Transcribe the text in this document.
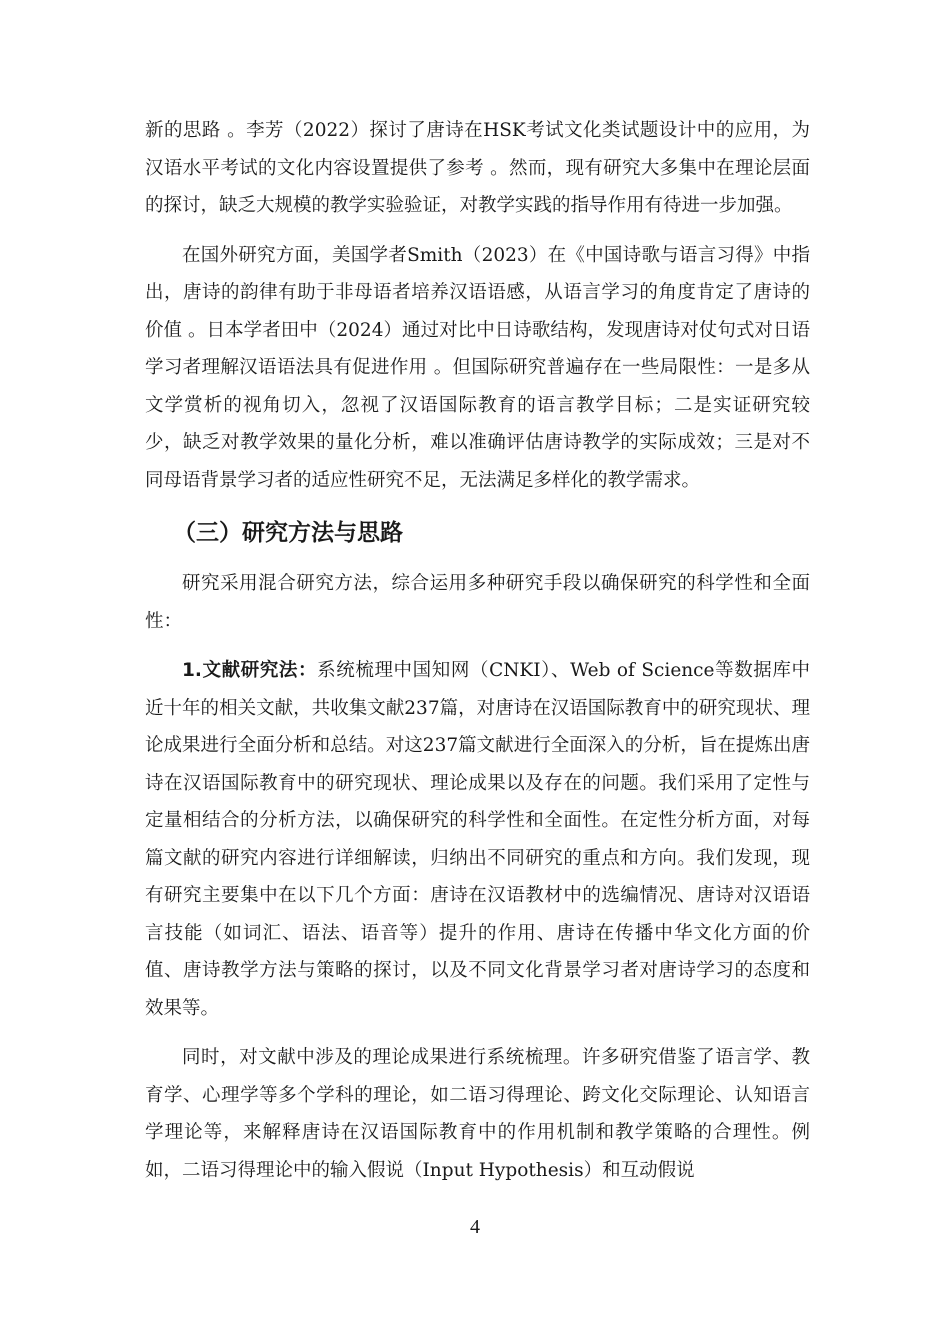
新的思路 。李芳（2022）探讨了唐诗在HSK考试文化类试题设计中的应用，为汉语水平考试的文化内容设置提供了参考 。然而，现有研究大多集中在理论层面的探讨，缺乏大规模的教学实验验证，对教学实践的指导作用有待进一步加强。

在国外研究方面，美国学者Smith（2023）在《中国诗歌与语言习得》中指出，唐诗的韵律有助于非母语者培养汉语语感，从语言学习的角度肯定了唐诗的价值 。日本学者田中（2024）通过对比中日诗歌结构，发现唐诗对仗句式对日语学习者理解汉语语法具有促进作用 。但国际研究普遍存在一些局限性：一是多从文学赏析的视角切入，忽视了汉语国际教育的语言教学目标；二是实证研究较少，缺乏对教学效果的量化分析，难以准确评估唐诗教学的实际成效；三是对不同母语背景学习者的适应性研究不足，无法满足多样化的教学需求。

（三）研究方法与思路

研究采用混合研究方法，综合运用多种研究手段以确保研究的科学性和全面性：

1.文献研究法：系统梳理中国知网（CNKI）、Web of Science等数据库中近十年的相关文献，共收集文献237篇，对唐诗在汉语国际教育中的研究现状、理论成果进行全面分析和总结。对这237篇文献进行全面深入的分析，旨在提炼出唐诗在汉语国际教育中的研究现状、理论成果以及存在的问题。我们采用了定性与定量相结合的分析方法，以确保研究的科学性和全面性。在定性分析方面，对每篇文献的研究内容进行详细解读，归纳出不同研究的重点和方向。我们发现，现有研究主要集中在以下几个方面：唐诗在汉语教材中的选编情况、唐诗对汉语语言技能（如词汇、语法、语音等）提升的作用、唐诗在传播中华文化方面的价值、唐诗教学方法与策略的探讨，以及不同文化背景学习者对唐诗学习的态度和效果等。

同时，对文献中涉及的理论成果进行系统梳理。许多研究借鉴了语言学、教育学、心理学等多个学科的理论，如二语习得理论、跨文化交际理论、认知语言学理论等，来解释唐诗在汉语国际教育中的作用机制和教学策略的合理性。例如，二语习得理论中的输入假说（Input Hypothesis）和互动假说

4
